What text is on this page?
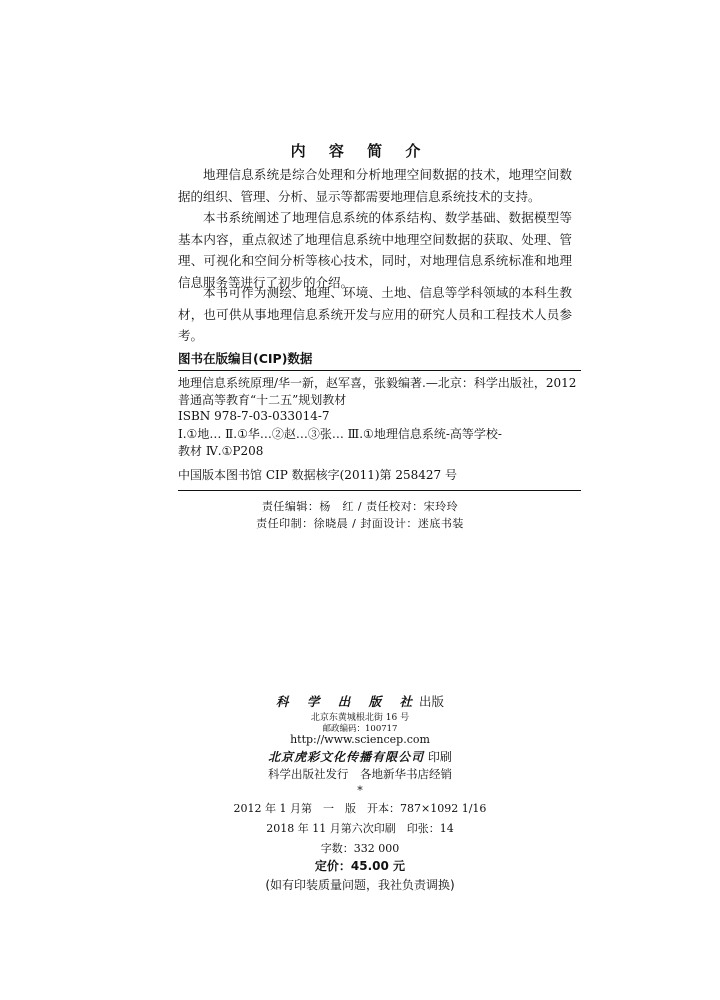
内 容 简 介
地理信息系统是综合处理和分析地理空间数据的技术，地理空间数据的组织、管理、分析、显示等都需要地理信息系统技术的支持。
本书系统阐述了地理信息系统的体系结构、数学基础、数据模型等基本内容，重点叙述了地理信息系统中地理空间数据的获取、处理、管理、可视化和空间分析等核心技术，同时，对地理信息系统标准和地理信息服务等进行了初步的介绍。
本书可作为测绘、地理、环境、土地、信息等学科领域的本科生教材，也可供从事地理信息系统开发与应用的研究人员和工程技术人员参考。
图书在版编目(CIP)数据
地理信息系统原理/华一新，赵军喜，张毅编著.—北京：科学出版社，2012
普通高等教育“十二五”规划教材
ISBN 978-7-03-033014-7
Ⅰ.①地… Ⅱ.①华…②赵…③张… Ⅲ.①地理信息系统-高等学校-
教材 Ⅳ.①P208
中国版本图书馆 CIP 数据核字(2011)第 258427 号
责任编辑：杨　红 / 责任校对：宋玲玲
责任印制：徐晓晨 / 封面设计：迷底书装
科 学 出 版 社出版
北京东黄城根北街 16 号
邮政编码：100717
http://www.sciencep.com
北京虎彩文化传播有限公司 印刷
科学出版社发行　各地新华书店经销
*
2012 年 1 月第　一　版　开本：787×1092 1/16
2018 年 11 月第六次印刷　印张：14
字数：332 000
定价：45.00 元
(如有印装质量问题，我社负责调换)
